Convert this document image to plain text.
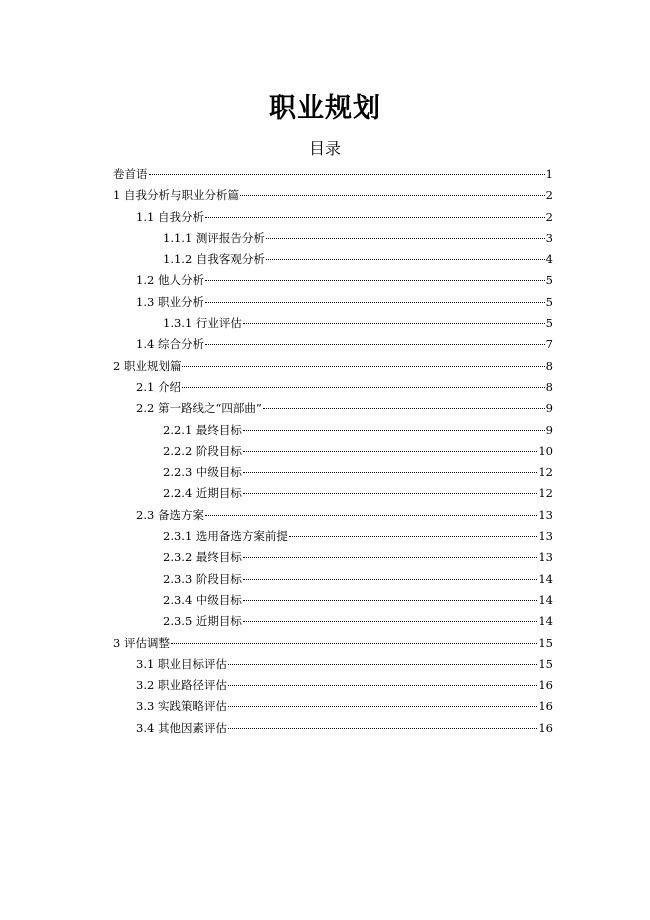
职业规划
目录
卷首语	1
1 自我分析与职业分析篇	2
1.1 自我分析	2
1.1.1 测评报告分析	3
1.1.2 自我客观分析	4
1.2 他人分析	5
1.3 职业分析	5
1.3.1 行业评估	5
1.4 综合分析	7
2 职业规划篇	8
2.1 介绍	8
2.2 第一路线之“四部曲”	9
2.2.1 最终目标	9
2.2.2 阶段目标	10
2.2.3 中级目标	12
2.2.4 近期目标	12
2.3 备选方案	13
2.3.1 选用备选方案前提	13
2.3.2 最终目标	13
2.3.3 阶段目标	14
2.3.4 中级目标	14
2.3.5 近期目标	14
3 评估调整	15
3.1 职业目标评估	15
3.2 职业路径评估	16
3.3 实践策略评估	16
3.4 其他因素评估	16
